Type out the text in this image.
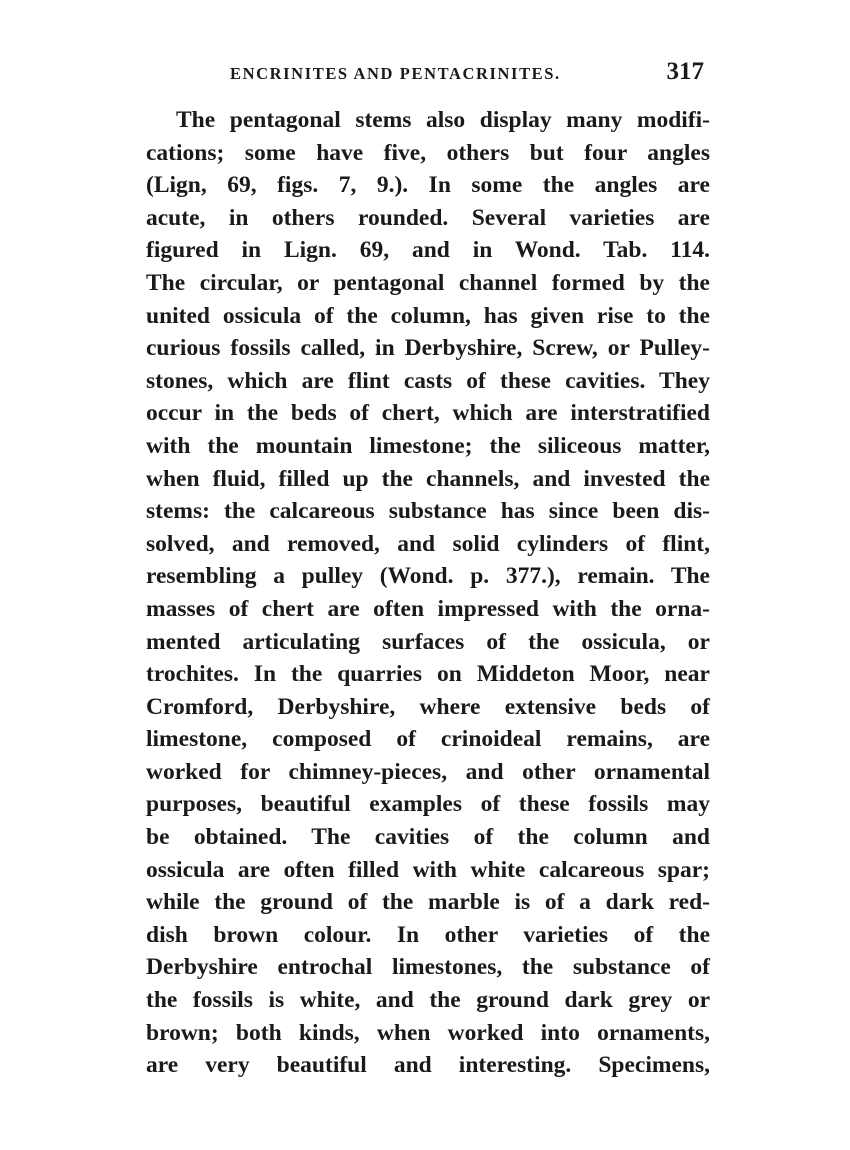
ENCRINITES AND PENTACRINITES.	317
The pentagonal stems also display many modifi-
cations; some have five, others but four angles
(Lign, 69, figs. 7, 9.). In some the angles are
acute, in others rounded. Several varieties are
figured in Lign. 69, and in Wond. Tab. 114.
The circular, or pentagonal channel formed by the
united ossicula of the column, has given rise to the
curious fossils called, in Derbyshire, Screw, or Pulley-
stones, which are flint casts of these cavities. They
occur in the beds of chert, which are interstratified
with the mountain limestone; the siliceous matter,
when fluid, filled up the channels, and invested the
stems: the calcareous substance has since been dis-
solved, and removed, and solid cylinders of flint,
resembling a pulley (Wond. p. 377.), remain. The
masses of chert are often impressed with the orna-
mented articulating surfaces of the ossicula, or
trochites. In the quarries on Middeton Moor, near
Cromford, Derbyshire, where extensive beds of
limestone, composed of crinoideal remains, are
worked for chimney-pieces, and other ornamental
purposes, beautiful examples of these fossils may
be obtained. The cavities of the column and
ossicula are often filled with white calcareous spar;
while the ground of the marble is of a dark red-
dish brown colour. In other varieties of the
Derbyshire entrochal limestones, the substance of
the fossils is white, and the ground dark grey or
brown; both kinds, when worked into ornaments,
are very beautiful and interesting. Specimens,
